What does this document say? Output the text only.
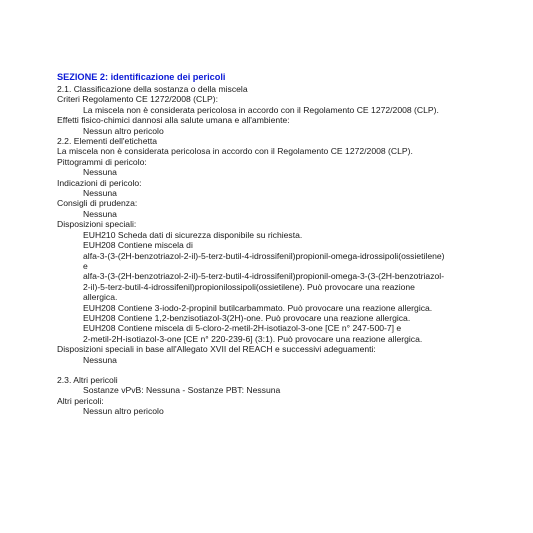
SEZIONE 2: identificazione dei pericoli
2.1. Classificazione della sostanza o della miscela
Criteri Regolamento CE 1272/2008 (CLP):
La miscela non è considerata pericolosa in accordo con il Regolamento CE 1272/2008 (CLP).
Effetti fisico-chimici dannosi alla salute umana e all'ambiente:
Nessun altro pericolo
2.2. Elementi dell'etichetta
La miscela non è considerata pericolosa in accordo con il Regolamento CE 1272/2008 (CLP).
Pittogrammi di pericolo:
Nessuna
Indicazioni di pericolo:
Nessuna
Consigli di prudenza:
Nessuna
Disposizioni speciali:
EUH210 Scheda dati di sicurezza disponibile su richiesta.
EUH208 Contiene miscela di
alfa-3-(3-(2H-benzotriazol-2-il)-5-terz-butil-4-idrossifenil)propionil-omega-idrossipoli(ossietilene)
e
alfa-3-(3-(2H-benzotriazol-2-il)-5-terz-butil-4-idrossifenil)propionil-omega-3-(3-(2H-benzotriazol-
2-il)-5-terz-butil-4-idrossifenil)propionilossipoli(ossietilene). Può provocare una reazione
allergica.
EUH208 Contiene 3-iodo-2-propinil butilcarbammato. Può provocare una reazione allergica.
EUH208 Contiene 1,2-benzisotiazol-3(2H)-one. Può provocare una reazione allergica.
EUH208 Contiene miscela di 5-cloro-2-metil-2H-isotiazol-3-one [CE n° 247-500-7] e
2-metil-2H-isotiazol-3-one [CE n° 220-239-6] (3:1). Può provocare una reazione allergica.
Disposizioni speciali in base all'Allegato XVII del REACH e successivi adeguamenti:
Nessuna
2.3. Altri pericoli
Sostanze vPvB: Nessuna - Sostanze PBT: Nessuna
Altri pericoli:
Nessun altro pericolo
